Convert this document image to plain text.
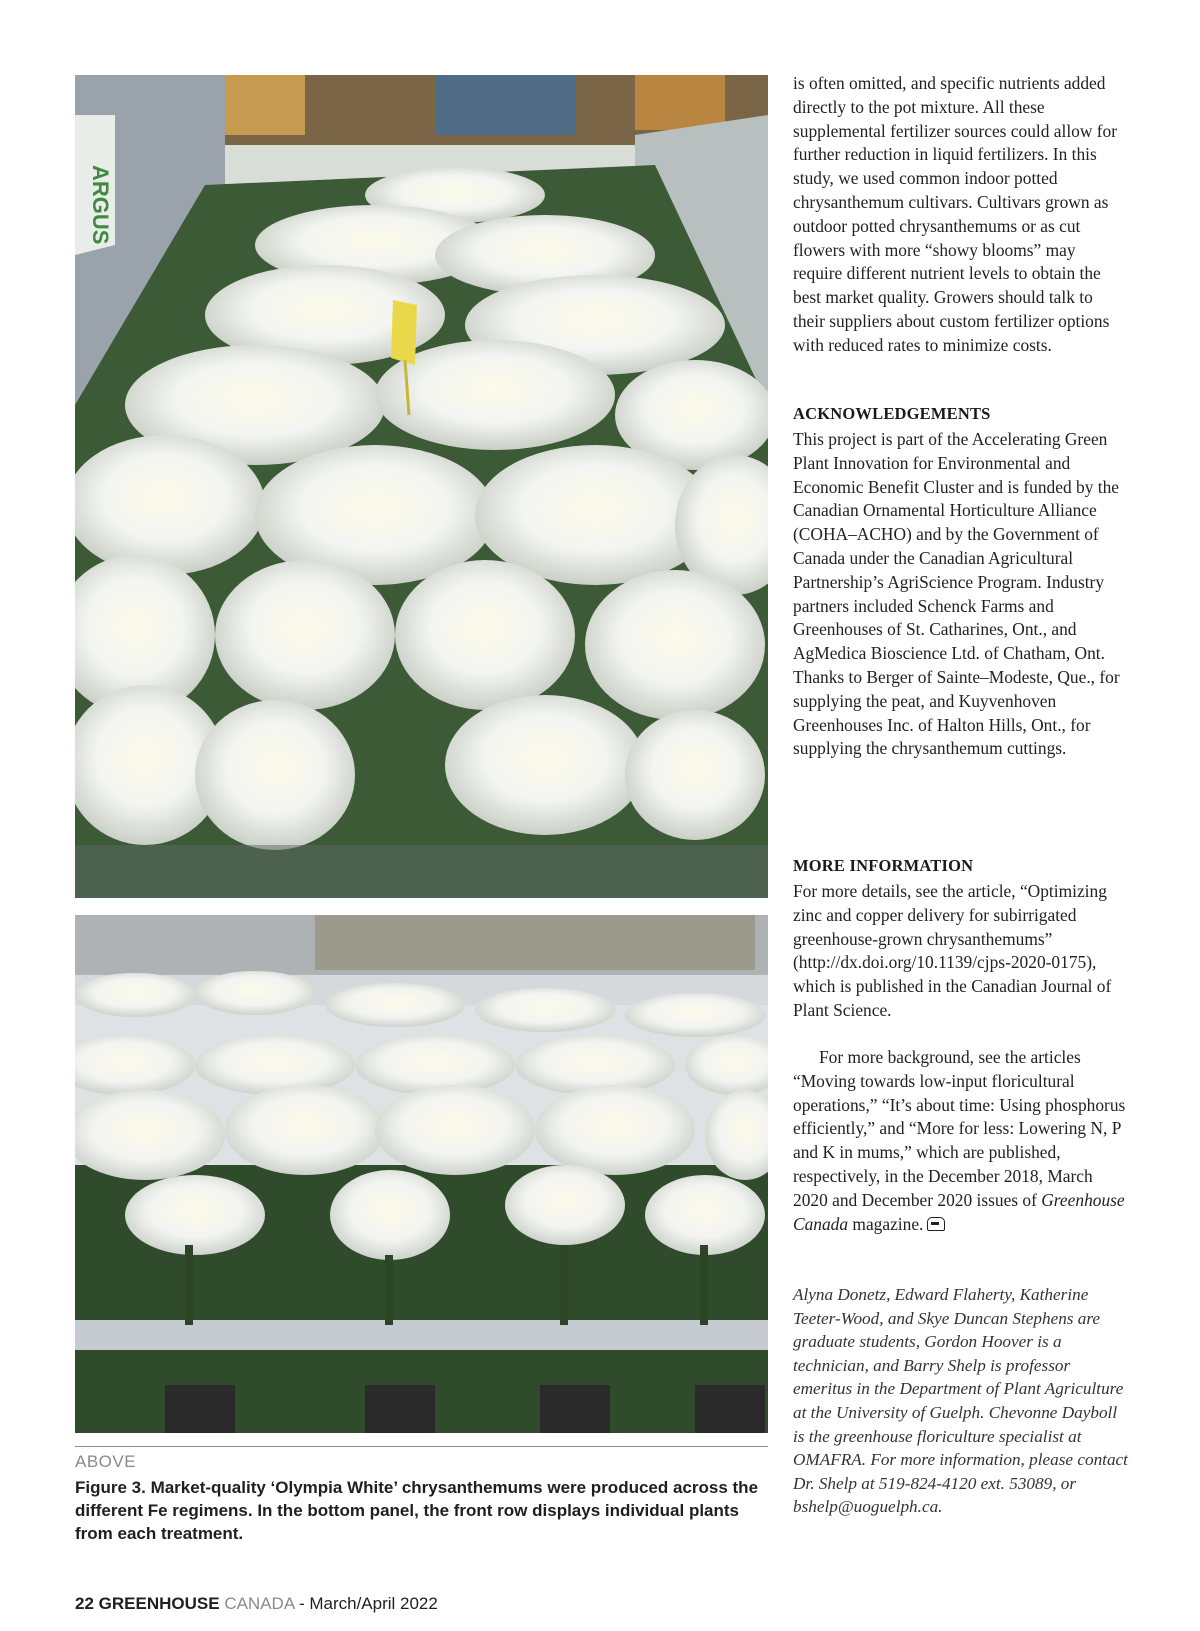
ARGUS
ABOVE
Figure 3. Market-quality ‘Olympia White’ chrysanthemums were produced across the different Fe regimens. In the bottom panel, the front row displays individual plants from each treatment.
22 GREENHOUSE CANADA - March/April 2022

is often omitted, and specific nutrients added directly to the pot mixture. All these supplemental fertilizer sources could allow for further reduction in liquid fertilizers. In this study, we used common indoor potted chrysanthemum cultivars. Cultivars grown as outdoor potted chrysanthemums or as cut flowers with more “showy blooms” may require different nutrient levels to obtain the best market quality. Growers should talk to their suppliers about custom fertilizer options with reduced rates to minimize costs.

ACKNOWLEDGEMENTS

This project is part of the Accelerating Green Plant Innovation for Environmental and Economic Benefit Cluster and is funded by the Canadian Ornamental Horticulture Alliance (COHA–ACHO) and by the Government of Canada under the Canadian Agricultural Partnership’s AgriScience Program. Industry partners included Schenck Farms and Greenhouses of St. Catharines, Ont., and AgMedica Bioscience Ltd. of Chatham, Ont. Thanks to Berger of Sainte–Modeste, Que., for supplying the peat, and Kuyvenhoven Greenhouses Inc. of Halton Hills, Ont., for supplying the chrysanthemum cuttings.

MORE INFORMATION

For more details, see the article, “Optimizing zinc and copper delivery for subirrigated greenhouse-grown chrysanthemums” (http://dx.doi.org/10.1139/cjps-2020-0175), which is published in the Canadian Journal of Plant Science.

For more background, see the articles “Moving towards low-input floricultural operations,” “It’s about time: Using phosphorus efficiently,” and “More for less: Lowering N, P and K in mums,” which are published, respectively, in the December 2018, March 2020 and December 2020 issues of Greenhouse Canada magazine.

Alyna Donetz, Edward Flaherty, Katherine Teeter-Wood, and Skye Duncan Stephens are graduate students, Gordon Hoover is a technician, and Barry Shelp is professor emeritus in the Department of Plant Agriculture at the University of Guelph. Chevonne Dayboll is the greenhouse floriculture specialist at OMAFRA. For more information, please contact Dr. Shelp at 519-824-4120 ext. 53089, or bshelp@uoguelph.ca.
